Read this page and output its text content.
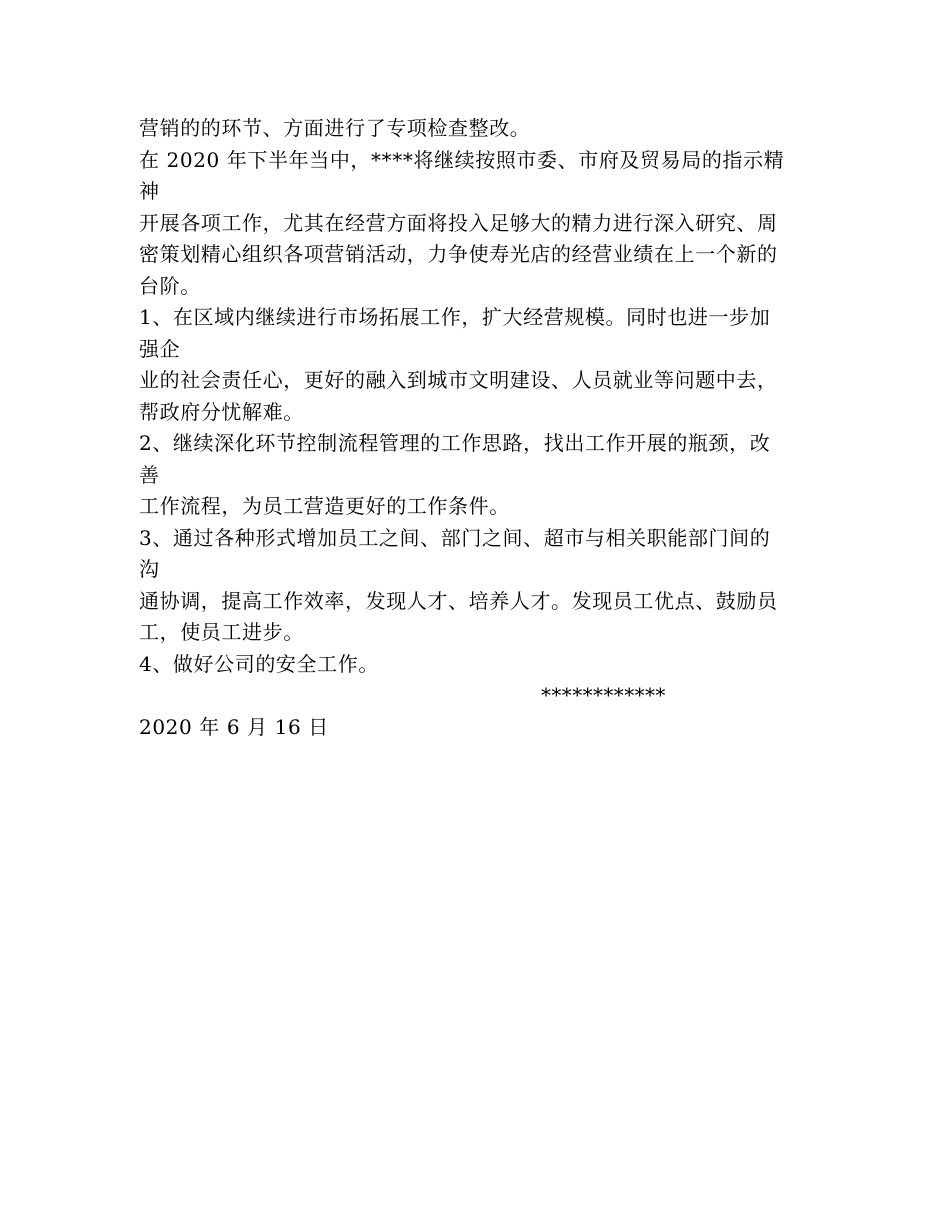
营销的的环节、方面进行了专项检查整改。
在 2020 年下半年当中，****将继续按照市委、市府及贸易局的指示精
神
开展各项工作，尤其在经营方面将投入足够大的精力进行深入研究、周
密策划精心组织各项营销活动，力争使寿光店的经营业绩在上一个新的
台阶。
1、在区域内继续进行市场拓展工作，扩大经营规模。同时也进一步加
强企
业的社会责任心，更好的融入到城市文明建设、人员就业等问题中去，
帮政府分忧解难。
2、继续深化环节控制流程管理的工作思路，找出工作开展的瓶颈，改
善
工作流程，为员工营造更好的工作条件。
3、通过各种形式增加员工之间、部门之间、超市与相关职能部门间的
沟
通协调，提高工作效率，发现人才、培养人才。发现员工优点、鼓励员
工，使员工进步。
4、做好公司的安全工作。
************
2020 年 6 月 16 日
